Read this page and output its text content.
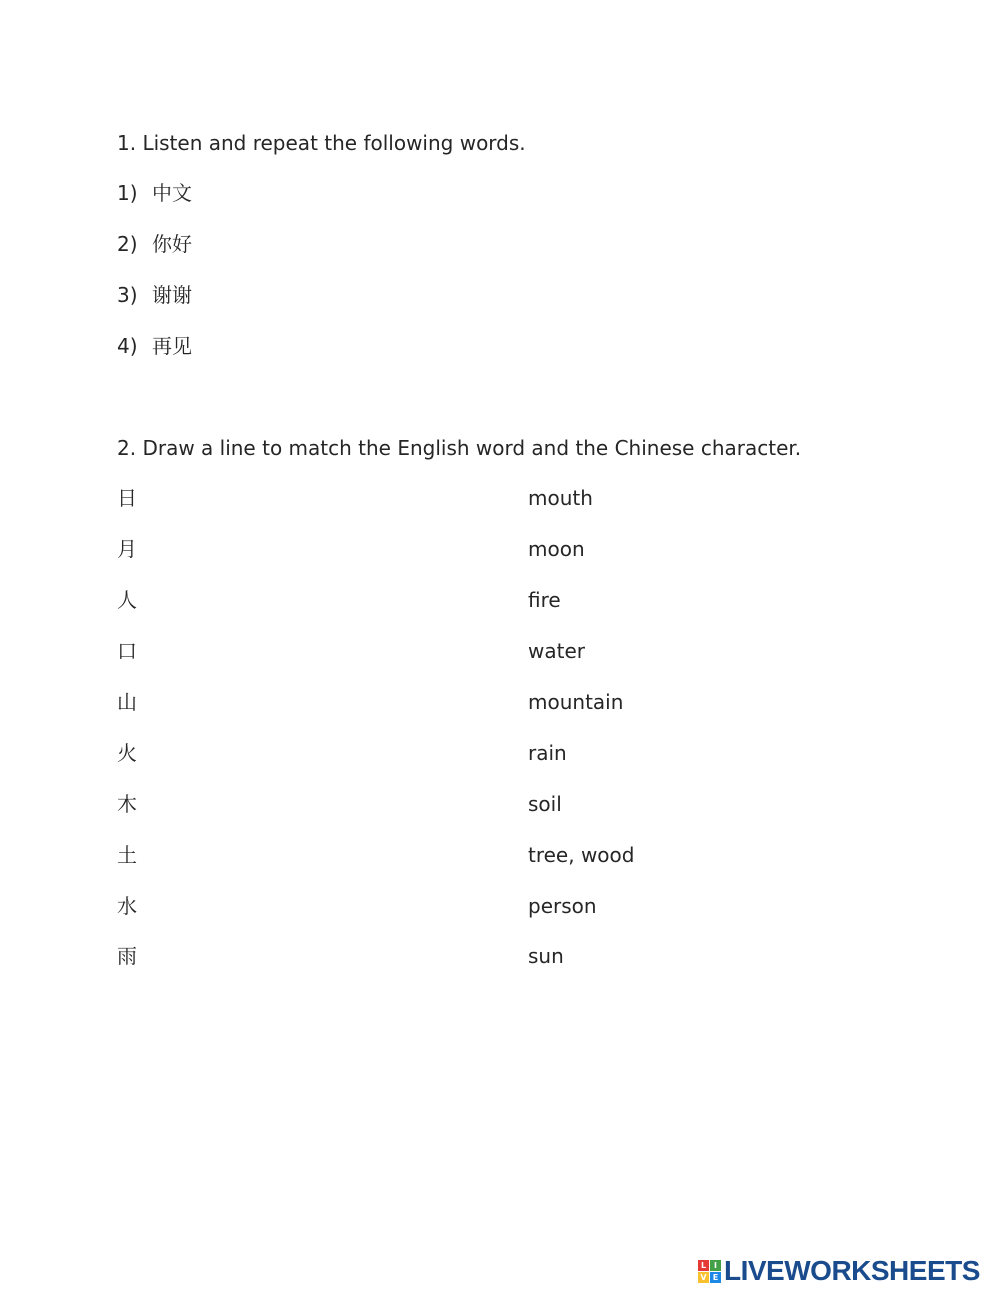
1. Listen and repeat the following words.
1) 中文
2) 你好
3) 谢谢
4) 再见
2. Draw a line to match the English word and the Chinese character.
日	mouth
月	moon
人	fire
口	water
山	mountain
火	rain
木	soil
土	tree, wood
水	person
雨	sun
L I
V E LIVEWORKSHEETS
